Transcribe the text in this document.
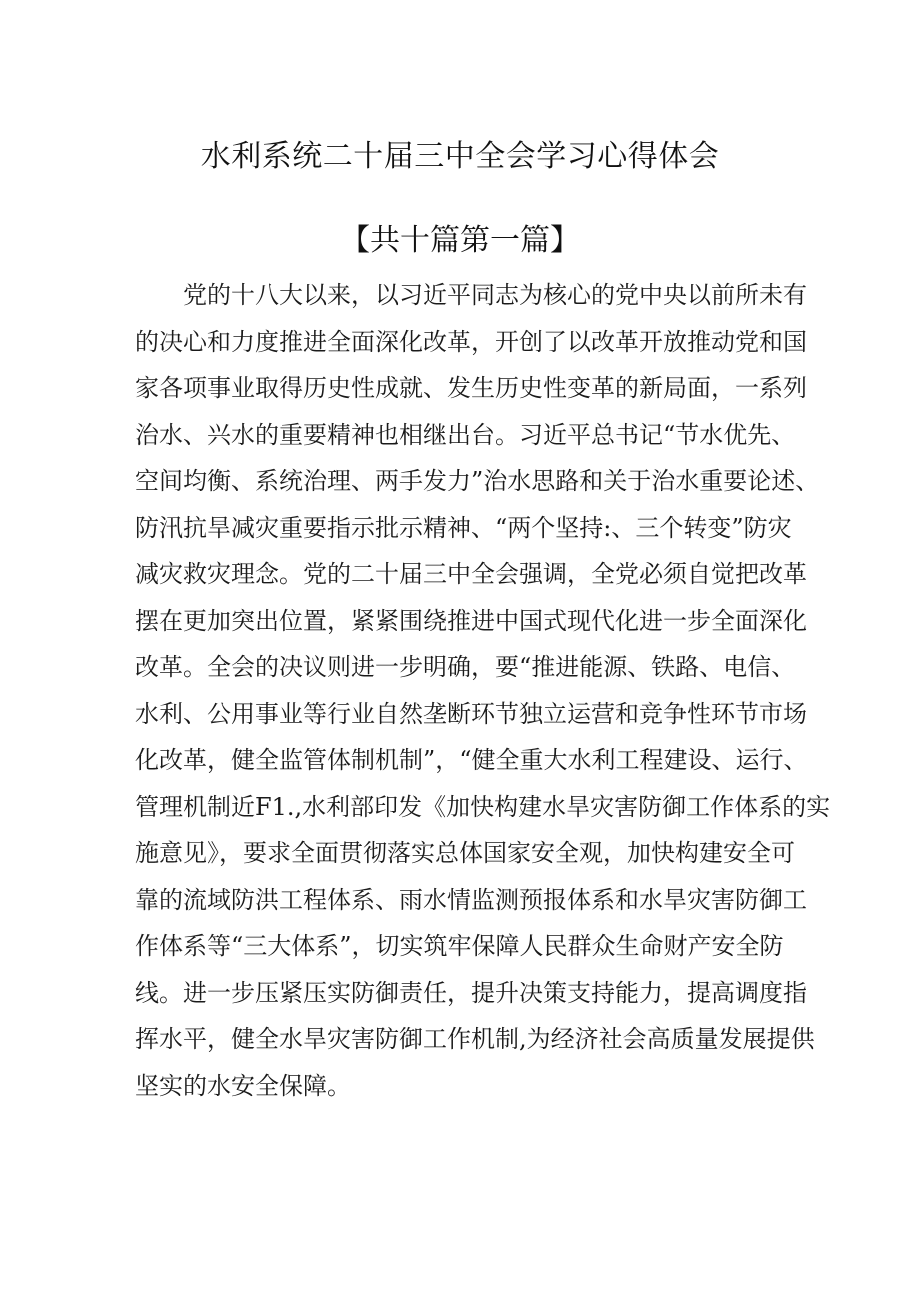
水利系统二十届三中全会学习心得体会
【共十篇第一篇】
　　党的十八大以来，以习近平同志为核心的党中央以前所未有
的决心和力度推进全面深化改革，开创了以改革开放推动党和国
家各项事业取得历史性成就、发生历史性变革的新局面，一系列
治水、兴水的重要精神也相继出台。习近平总书记“节水优先、
空间均衡、系统治理、两手发力”治水思路和关于治水重要论述、
防汛抗旱减灾重要指示批示精神、“两个坚持:、三个转变”防灾
减灾救灾理念。党的二十届三中全会强调，全党必须自觉把改革
摆在更加突出位置，紧紧围绕推进中国式现代化进一步全面深化
改革。全会的决议则进一步明确，要“推进能源、铁路、电信、
水利、公用事业等行业自然垄断环节独立运营和竞争性环节市场
化改革，健全监管体制机制”，“健全重大水利工程建设、运行、
管理机制近F1.,水利部印发《加快构建水旱灾害防御工作体系的实
施意见》，要求全面贯彻落实总体国家安全观，加快构建安全可
靠的流域防洪工程体系、雨水情监测预报体系和水旱灾害防御工
作体系等“三大体系”，切实筑牢保障人民群众生命财产安全防
线。进一步压紧压实防御责任，提升决策支持能力，提高调度指
挥水平，健全水旱灾害防御工作机制,为经济社会高质量发展提供
坚实的水安全保障。
